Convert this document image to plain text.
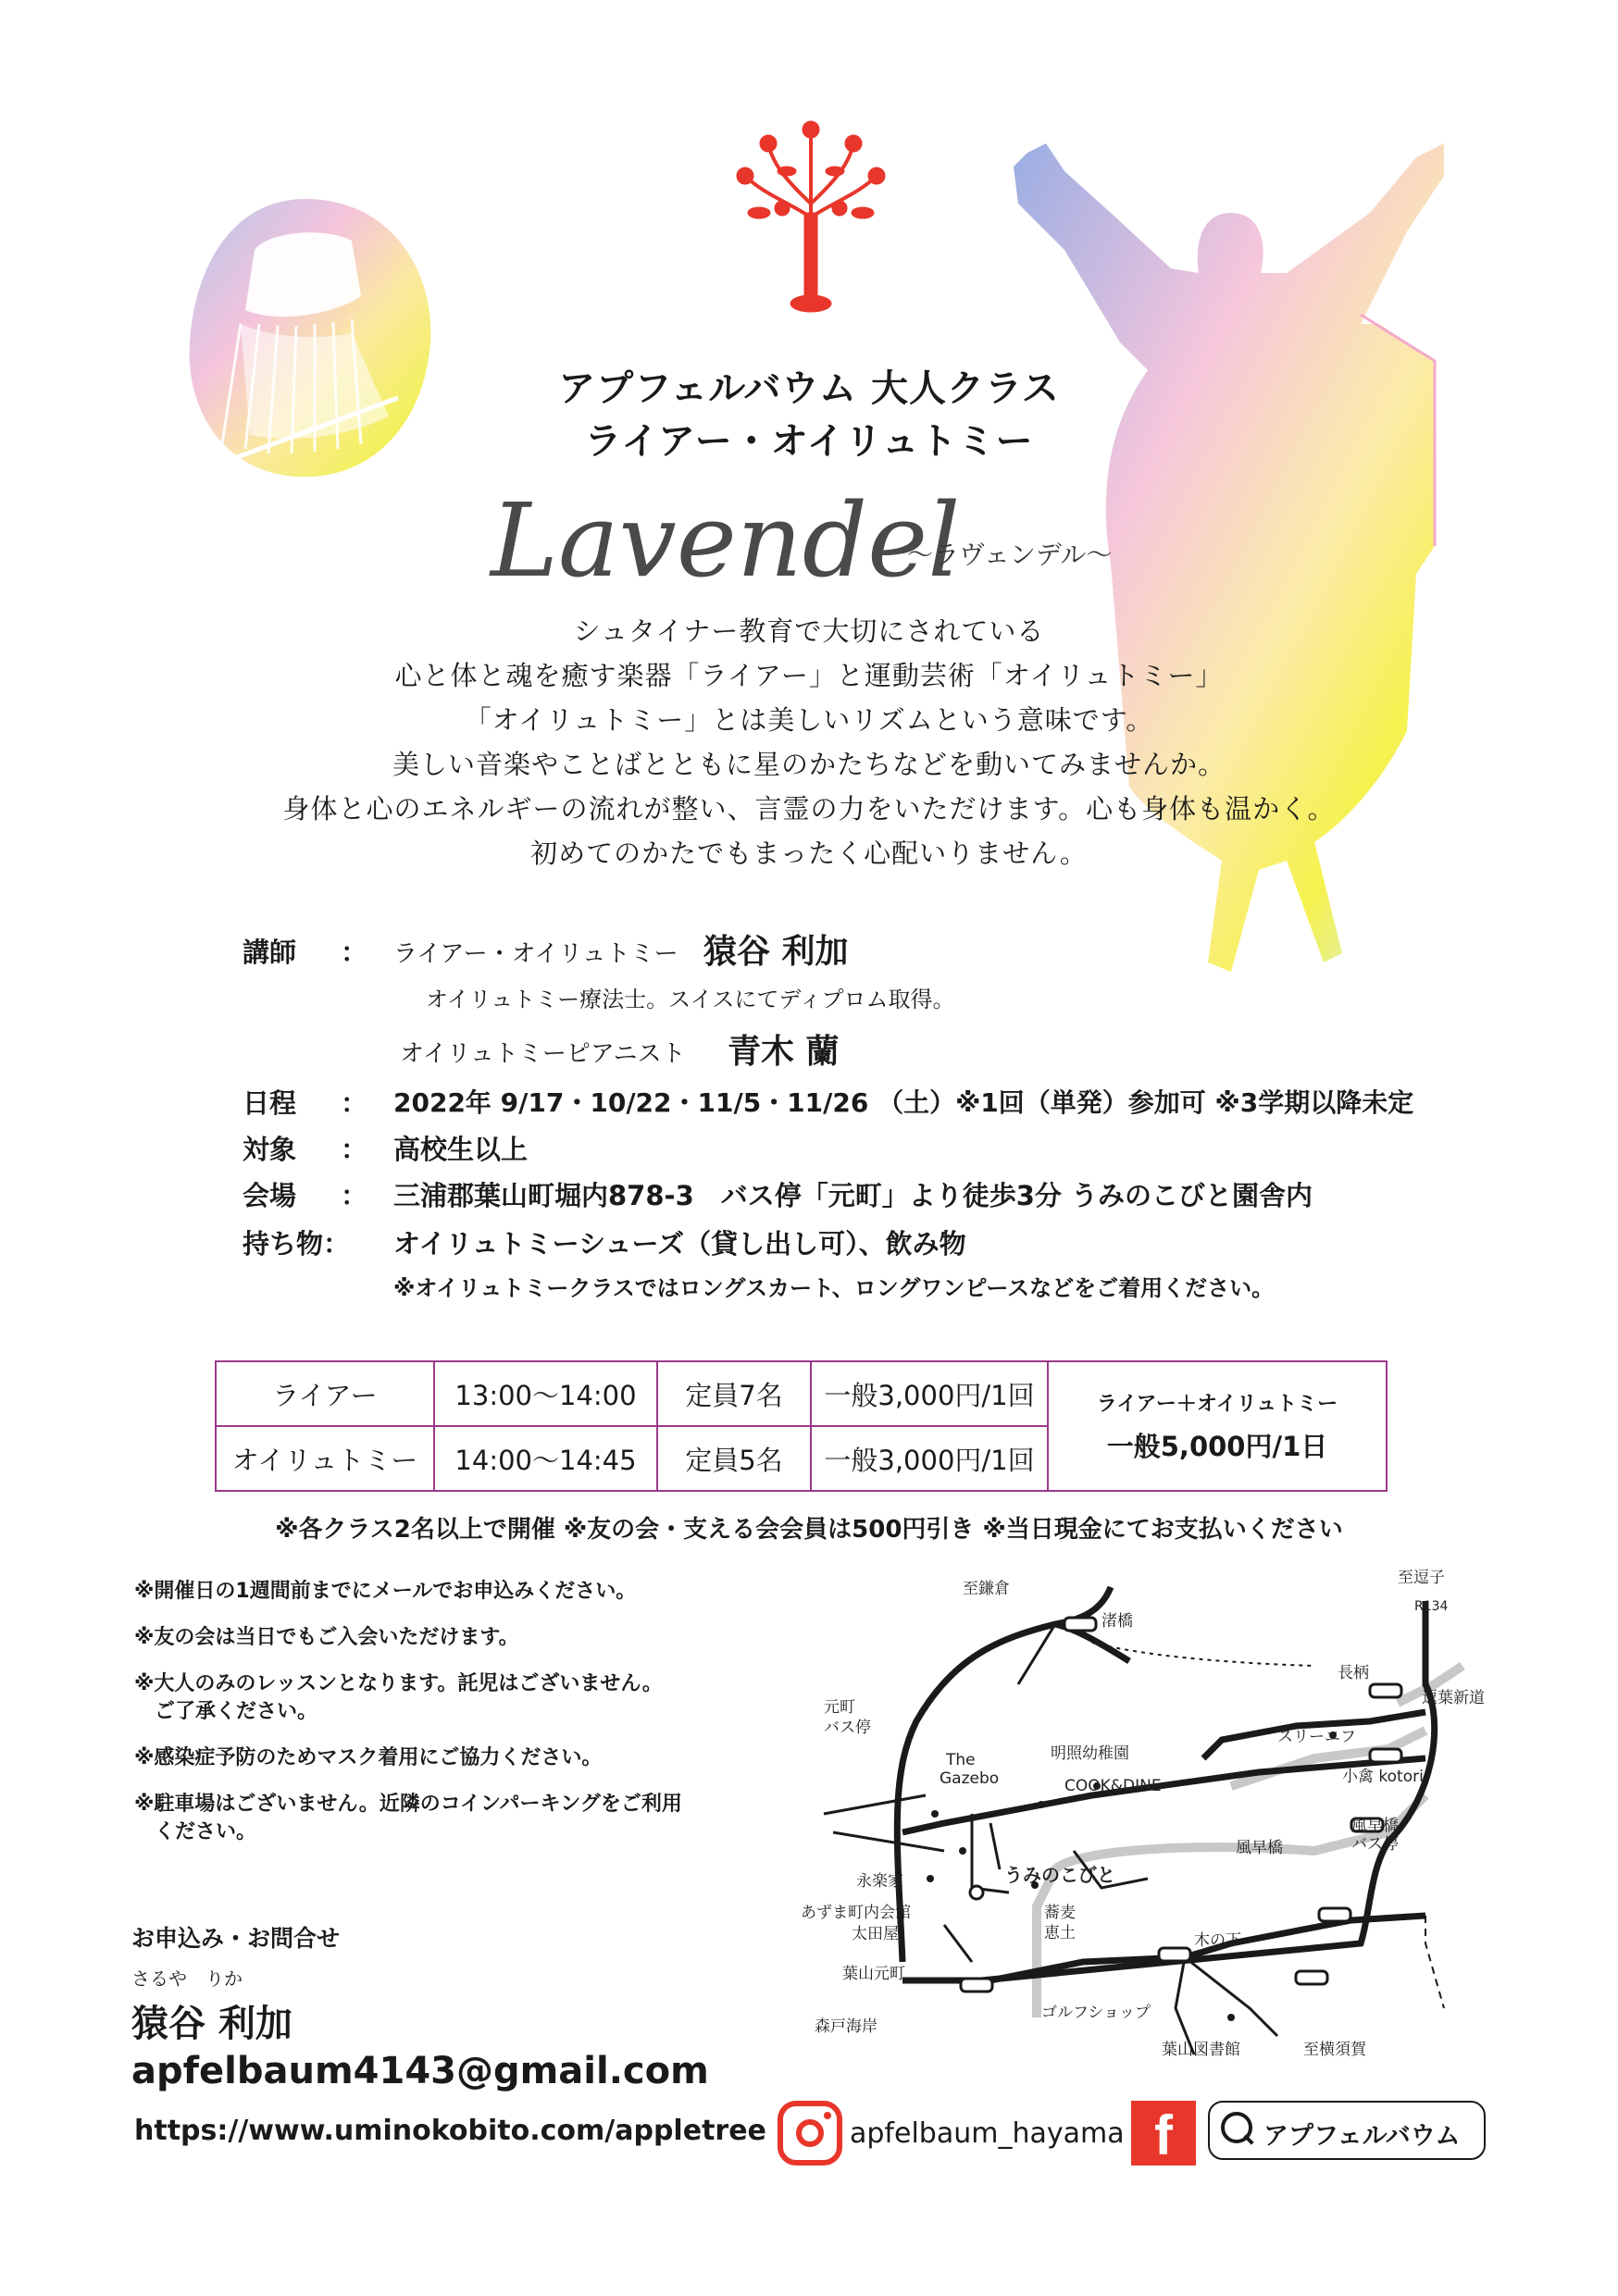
アプフェルバウム 大人クラス
ライアー・オイリュトミー
Lavendel
～ラヴェンデル～

シュタイナー教育で大切にされている

心と体と魂を癒す楽器「ライアー」と運動芸術「オイリュトミー」

「オイリュトミー」とは美しいリズムという意味です。

美しい音楽やことばとともに星のかたちなどを動いてみませんか。

身体と心のエネルギーの流れが整い、言霊の力をいただけます。心も身体も温かく。

初めてのかたでもまったく心配いりません。

講師 ： ライアー・オイリュトミー 猿谷 利加
オイリュトミー療法士。スイスにてディプロム取得。
オイリュトミーピアニスト 青木 蘭
日程 ： 2022年 9/17・10/22・11/5・11/26 （土）※1回（単発）参加可 ※3学期以降未定
対象 ： 高校生以上
会場 ： 三浦郡葉山町堀内878-3　バス停「元町」より徒歩3分 うみのこびと園舎内
持ち物： オイリュトミーシューズ（貸し出し可）、飲み物
※オイリュトミークラスではロングスカート、ロングワンピースなどをご着用ください。
ライアー	13:00～14:00	定員7名	一般3,000円/1回	ライアー＋オイリュトミー
一般5,000円/1日

オイリュトミー	14:00～14:45	定員5名	一般3,000円/1回	
※各クラス2名以上で開催 ※友の会・支える会会員は500円引き ※当日現金にてお支払いください
※開催日の1週間前までにメールでお申込みください。
※友の会は当日でもご入会いただけます。
※大人のみのレッスンとなります。託児はございません。
　ご了承ください。
※感染症予防のためマスク着用にご協力ください。
※駐車場はございません。近隣のコインパーキングをご利用
　ください。
お申込み・お問合せ
さるや　りか
猿谷 利加
apfelbaum4143@gmail.com
至鎌倉
渚橋
至逗子
R134
長柄
逗葉新道
スリーエフ
小禽 kotori
元町
バス停
The
Gazebo
明照幼稚園
COOK&DINE
風早橋
バス停
風早橋
永楽家	うみのこびと
あずま町内会館
太田屋
蕎麦
恵土	木の下
葉山元町
ゴルフショップ
森戸海岸
葉山図書館	至横須賀
https://www.uminokobito.com/appletree	apfelbaum_hayama f	アプフェルバウム
